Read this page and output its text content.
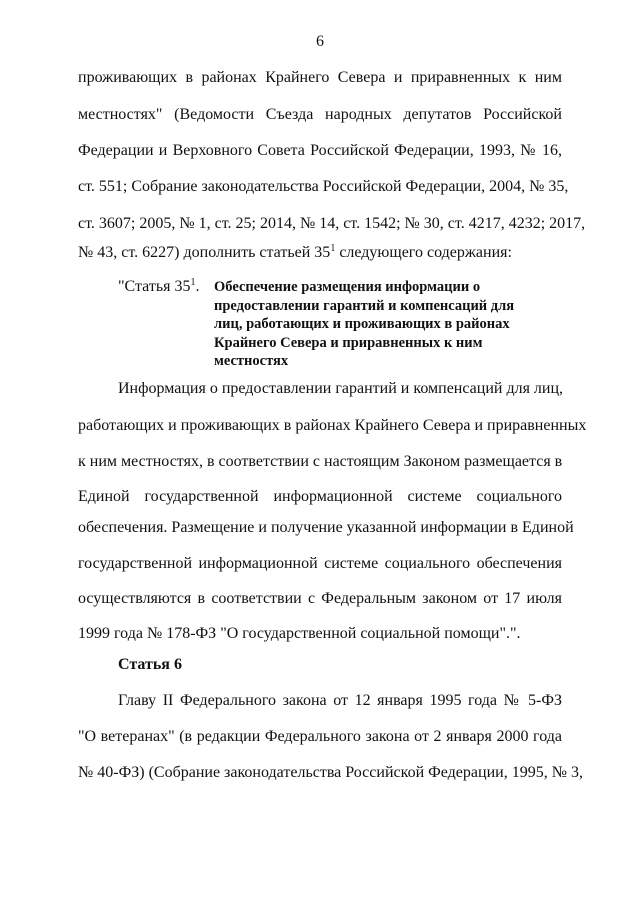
6
проживающих в районах Крайнего Севера и приравненных к ним
местностях" (Ведомости Съезда народных депутатов Российской
Федерации и Верховного Совета Российской Федерации, 1993, № 16,
ст. 551; Собрание законодательства Российской Федерации, 2004, № 35,
ст. 3607; 2005, № 1, ст. 25; 2014, № 14, ст. 1542; № 30, ст. 4217, 4232; 2017,
№ 43, ст. 6227) дополнить статьей $35^1$ следующего содержания:
"Статья $35^1$. Обеспечение размещения информации о
предоставлении гарантий и компенсаций для
лиц, работающих и проживающих в районах
Крайнего Севера и приравненных к ним
местностях
Информация о предоставлении гарантий и компенсаций для лиц,
работающих и проживающих в районах Крайнего Севера и приравненных
к ним местностях, в соответствии с настоящим Законом размещается в
Единой государственной информационной системе социального
обеспечения. Размещение и получение указанной информации в Единой
государственной информационной системе социального обеспечения
осуществляются в соответствии с Федеральным законом от 17 июля
1999 года № 178-ФЗ "О государственной социальной помощи".".
Статья 6
Главу II Федерального закона от 12 января 1995 года № 5-ФЗ
"О ветеранах" (в редакции Федерального закона от 2 января 2000 года
№ 40-ФЗ) (Собрание законодательства Российской Федерации, 1995, № 3,
